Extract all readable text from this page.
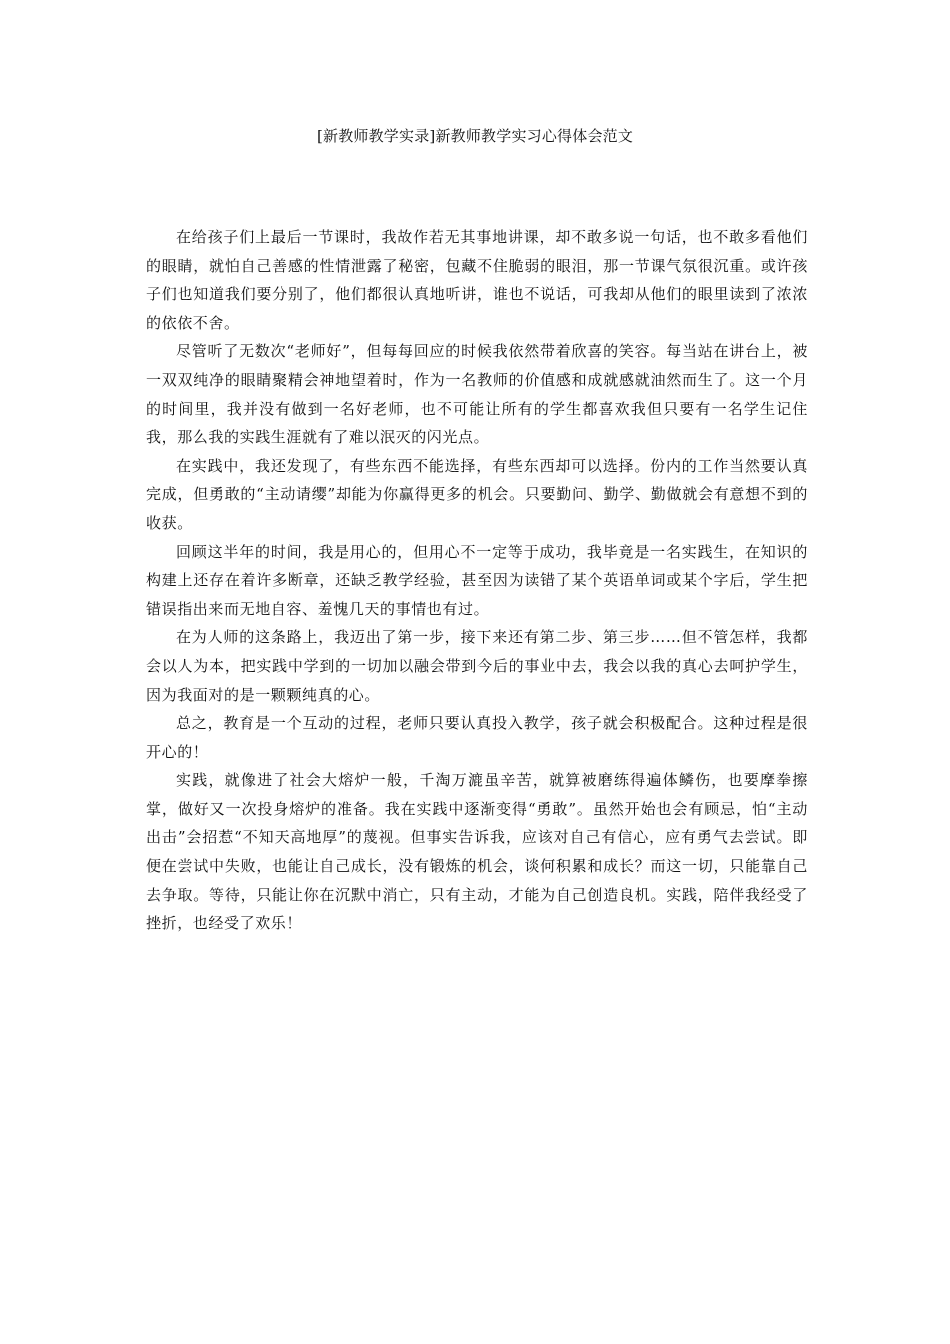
[新教师教学实录]新教师教学实习心得体会范文

在给孩子们上最后一节课时，我故作若无其事地讲课，却不敢多说一句话，也不敢多看他们的眼睛，就怕自己善感的性情泄露了秘密，包藏不住脆弱的眼泪，那一节课气氛很沉重。或许孩子们也知道我们要分别了，他们都很认真地听讲，谁也不说话，可我却从他们的眼里读到了浓浓的依依不舍。

尽管听了无数次“老师好”，但每每回应的时候我依然带着欣喜的笑容。每当站在讲台上，被一双双纯净的眼睛聚精会神地望着时，作为一名教师的价值感和成就感就油然而生了。这一个月的时间里，我并没有做到一名好老师，也不可能让所有的学生都喜欢我但只要有一名学生记住我，那么我的实践生涯就有了难以泯灭的闪光点。

在实践中，我还发现了，有些东西不能选择，有些东西却可以选择。份内的工作当然要认真完成，但勇敢的“主动请缨”却能为你赢得更多的机会。只要勤问、勤学、勤做就会有意想不到的收获。

回顾这半年的时间，我是用心的，但用心不一定等于成功，我毕竟是一名实践生，在知识的构建上还存在着许多断章，还缺乏教学经验，甚至因为读错了某个英语单词或某个字后，学生把错误指出来而无地自容、羞愧几天的事情也有过。

在为人师的这条路上，我迈出了第一步，接下来还有第二步、第三步……但不管怎样，我都会以人为本，把实践中学到的一切加以融会带到今后的事业中去，我会以我的真心去呵护学生，因为我面对的是一颗颗纯真的心。

总之，教育是一个互动的过程，老师只要认真投入教学，孩子就会积极配合。这种过程是很开心的！

实践，就像进了社会大熔炉一般，千淘万漉虽辛苦，就算被磨练得遍体鳞伤，也要摩拳擦掌，做好又一次投身熔炉的准备。我在实践中逐渐变得“勇敢”。虽然开始也会有顾忌，怕“主动出击”会招惹“不知天高地厚”的蔑视。但事实告诉我，应该对自己有信心，应有勇气去尝试。即便在尝试中失败，也能让自己成长，没有锻炼的机会，谈何积累和成长？而这一切，只能靠自己去争取。等待，只能让你在沉默中消亡，只有主动，才能为自己创造良机。实践，陪伴我经受了挫折，也经受了欢乐！
